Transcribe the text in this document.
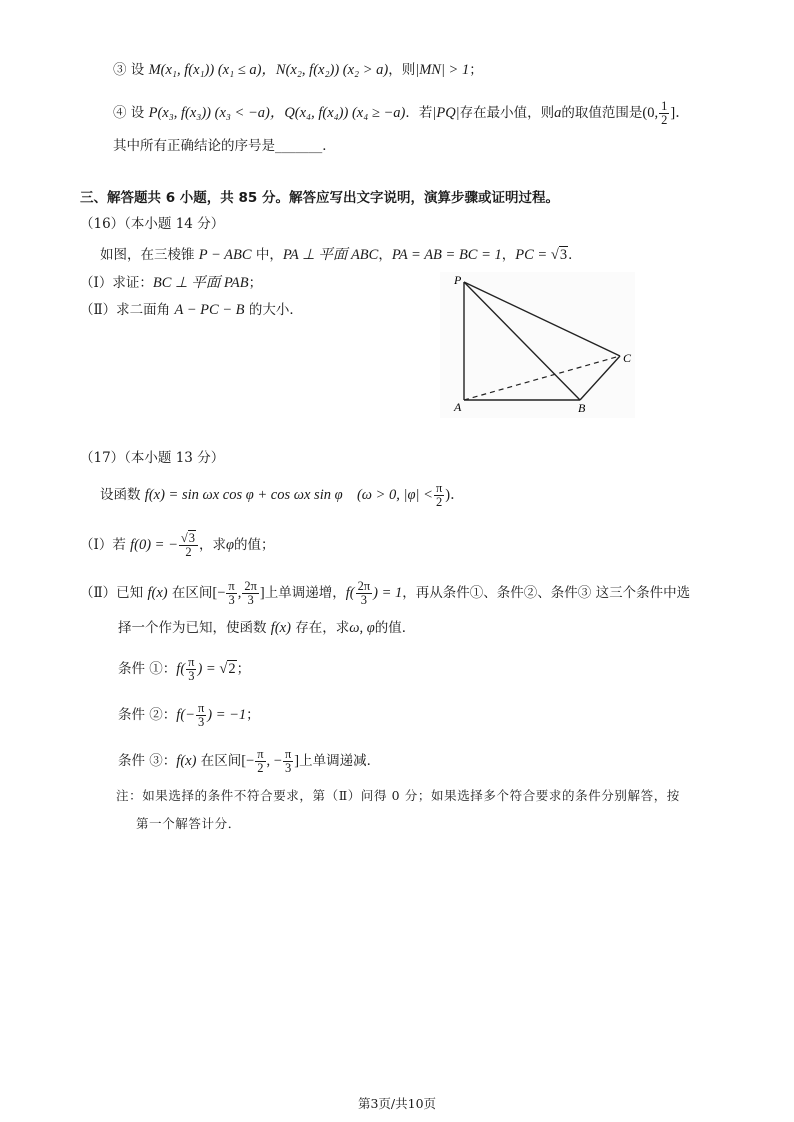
③ 设 M(x₁, f(x₁)) (x₁ ≤ a)，N(x₂, f(x₂)) (x₂ > a)，则|MN| > 1；
④ 设 P(x₃, f(x₃)) (x₃ < −a)，Q(x₄, f(x₄)) (x₄ ≥ −a)．若|PQ|存在最小值，则a的取值范围是(0, $\frac{1}{2}$ ]．
其中所有正确结论的序号是_______．
三、解答题共 6 小题，共 85 分。解答应写出文字说明，演算步骤或证明过程。
（16）（本小题 14 分）
如图，在三棱锥 P − ABC 中，PA ⊥ 平面 ABC，PA = AB = BC = 1，PC = √3．
（Ⅰ）求证：BC ⊥ 平面 PAB；
（Ⅱ）求二面角 A − PC − B 的大小．
P
A	B
C
（17）（本小题 13 分）
设函数 f(x) = sin ωx cos φ + cos ωx sin φ (ω > 0, $|\varphi| < \frac{\pi}{2}$ )．
（Ⅰ）若 f(0) = − $\frac{√3}{2}$ ，求φ的值；
（Ⅱ）已知 f(x) 在区间[− $\frac{\pi}{3}$ , $\frac{2\pi}{3}$ ]上单调递增，$f( \frac{2\pi}{3}$ ) = 1，再从条件①、条件②、条件③ 这三个条件中选
择一个作为已知，使函数 f(x) 存在，求ω, φ的值．
条件 ①：$f( \frac{\pi}{3}$ ) = √2；
条件 ②：$f(- \frac{\pi}{3}$ ) = −1；
条件 ③：f(x) 在区间[− $\frac{\pi}{2}$ , − $\frac{\pi}{3}$ ]上单调递减．
注：如果选择的条件不符合要求，第（Ⅱ）问得 0 分；如果选择多个符合要求的条件分别解答，按
第一个解答计分．
第3页/共10页
